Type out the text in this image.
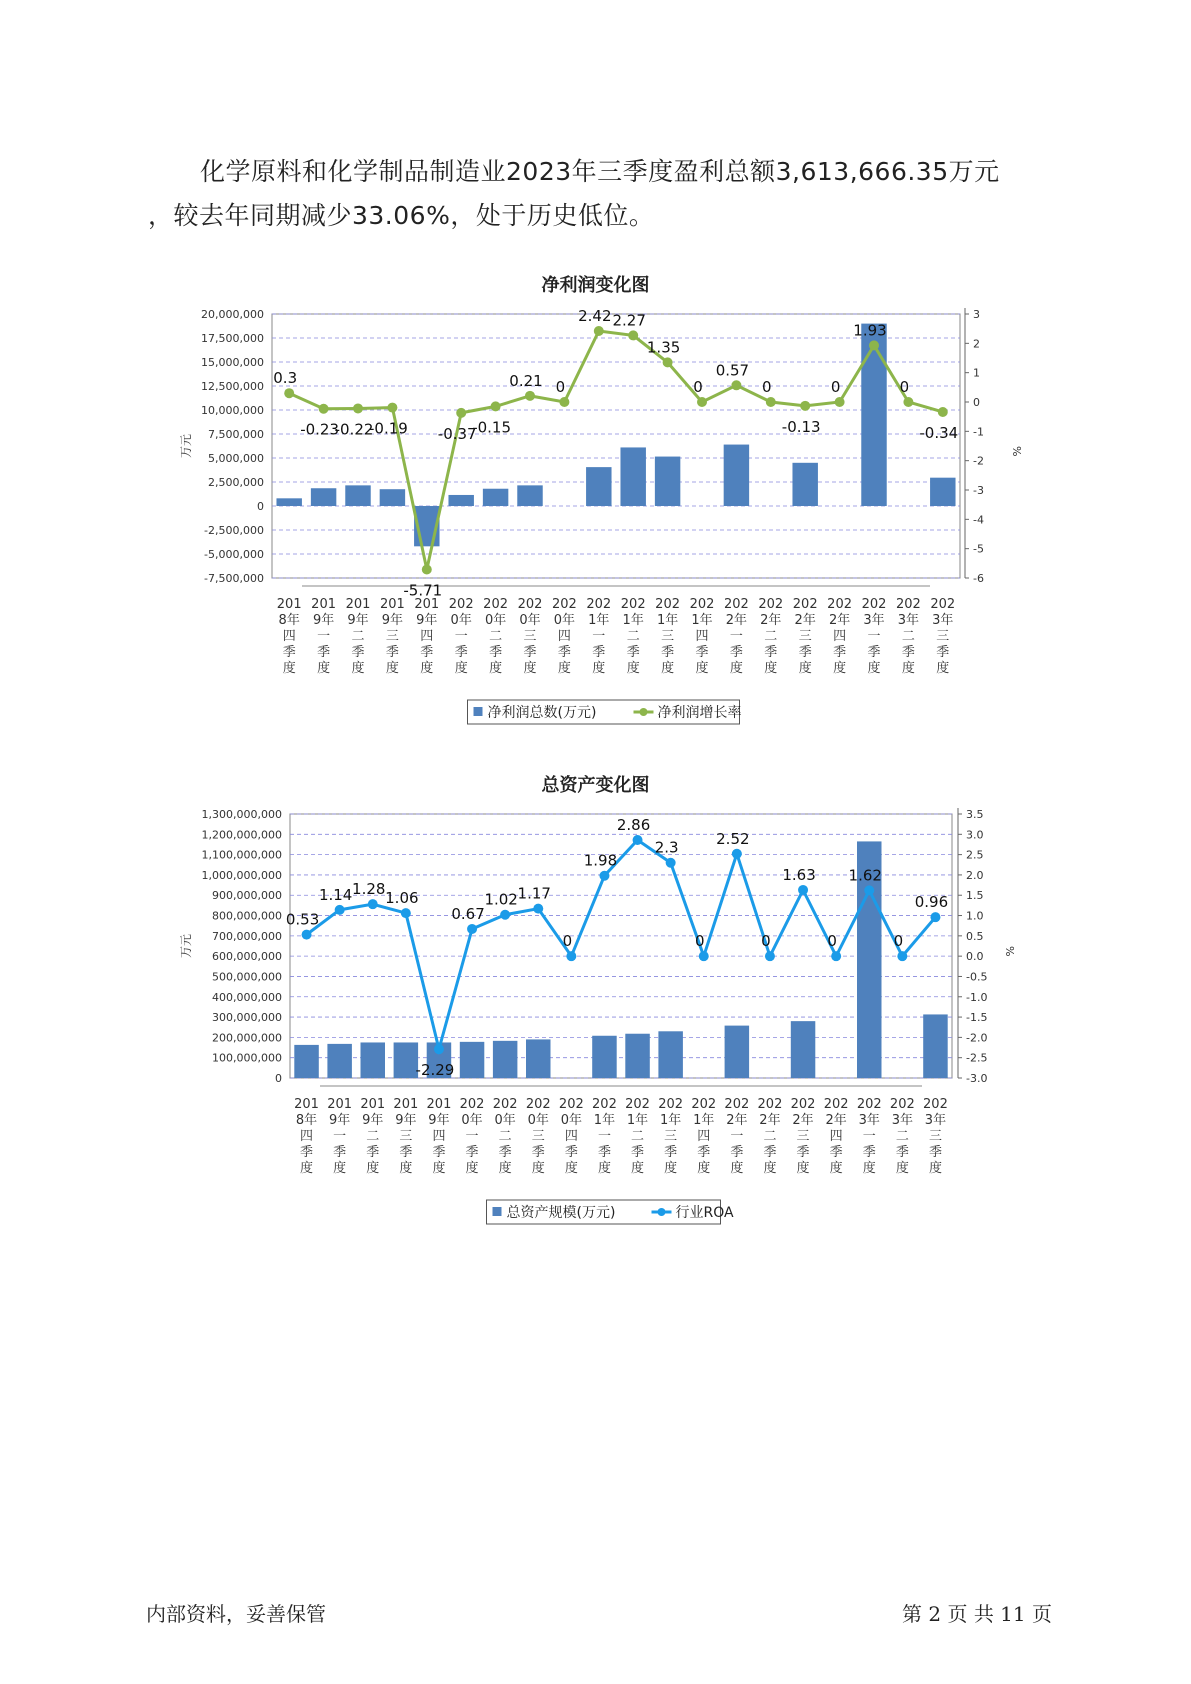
化学原料和化学制品制造业2023年三季度盈利总额3,613,666.35万元
，较去年同期减少33.06%，处于历史低位。
净利润变化图
20,000,000
17,500,000
15,000,000
12,500,000
10,000,000
7,500,000
5,000,000
2,500,000
0
-2,500,000
-5,000,000
-7,500,000
3
2
1
0
-1
-2
-3
-4
-5
-6
万元	%
201
8年
四
季
度
201
9年
一
季
度
201
9年
二
季
度
201
9年
三
季
度
201
9年
四
季
度
202
0年
一
季
度
202
0年
二
季
度
202
0年
三
季
度
202
0年
四
季
度
202
1年
一
季
度
202
1年
二
季
度
202
1年
三
季
度
202
1年
四
季
度
202
2年
一
季
度
202
2年
二
季
度
202
2年
三
季
度
202
2年
四
季
度
202
3年
一
季
度
202
3年
二
季
度
202
3年
三
季
度
0.3
-0.23
-0.22
-0.19
-5.71
-0.37
-0.15
0.21 0
2.42 2.27
1.35
0
0.57
0
-0.13
0
1.93
0
-0.34
净利润总数(万元)	净利润增长率
总资产变化图
1,300,000,000
1,200,000,000
1,100,000,000
1,000,000,000
900,000,000
800,000,000
700,000,000
600,000,000
500,000,000
400,000,000
300,000,000
200,000,000
100,000,000
0
3.5
3.0
2.5
2.0
1.5
1.0
0.5
0.0
-0.5
-1.0
-1.5
-2.0
-2.5
-3.0
万元	%
201
8年
四
季
度
201
9年
一
季
度
201
9年
二
季
度
201
9年
三
季
度
201
9年
四
季
度
202
0年
一
季
度
202
0年
二
季
度
202
0年
三
季
度
202
0年
四
季
度
202
1年
一
季
度
202
1年
二
季
度
202
1年
三
季
度
202
1年
四
季
度
202
2年
一
季
度
202
2年
二
季
度
202
2年
三
季
度
202
2年
四
季
度
202
3年
一
季
度
202
3年
二
季
度
202
3年
三
季
度
0.53
1.14 1.28 1.06
-2.29
0.67
1.02 1.17
0
1.98
2.86
2.3
0
2.52
0
1.63
0
1.62
0
0.96
总资产规模(万元)	行业ROA
内部资料，妥善保管	第 2 页 共 11 页
